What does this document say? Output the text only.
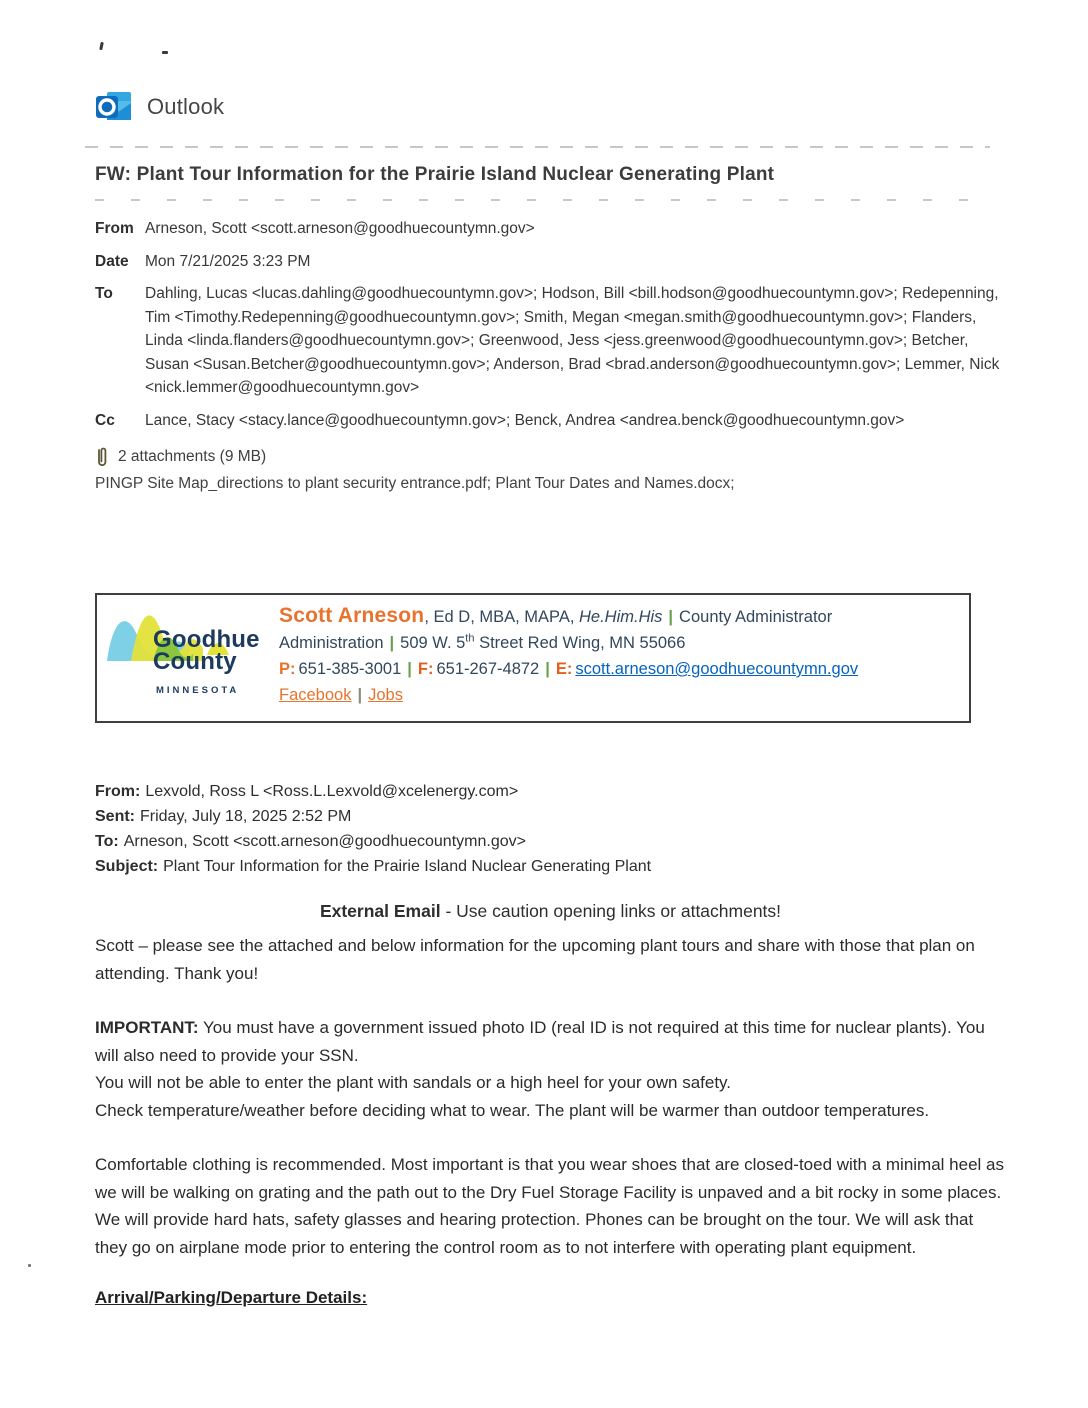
Outlook
FW: Plant Tour Information for the Prairie Island Nuclear Generating Plant
From Arneson, Scott <scott.arneson@goodhuecountymn.gov>
Date	Mon 7/21/2025 3:23 PM
To	Dahling, Lucas <lucas.dahling@goodhuecountymn.gov>; Hodson, Bill <bill.hodson@goodhuecountymn.gov>; Redepenning, Tim <Timothy.Redepenning@goodhuecountymn.gov>; Smith, Megan <megan.smith@goodhuecountymn.gov>; Flanders, Linda <linda.flanders@goodhuecountymn.gov>; Greenwood, Jess <jess.greenwood@goodhuecountymn.gov>; Betcher, Susan <Susan.Betcher@goodhuecountymn.gov>; Anderson, Brad <brad.anderson@goodhuecountymn.gov>; Lemmer, Nick <nick.lemmer@goodhuecountymn.gov>
Cc	Lance, Stacy <stacy.lance@goodhuecountymn.gov>; Benck, Andrea <andrea.benck@goodhuecountymn.gov>
2 attachments (9 MB)
PINGP Site Map_directions to plant security entrance.pdf; Plant Tour Dates and Names.docx;
Goodhue
County
MINNESOTA
Scott Arneson, Ed D, MBA, MAPA, He.Him.His | County Administrator
Administration | 509 W. 5th Street Red Wing, MN 55066
P: 651-385-3001 | F: 651-267-4872 | E: scott.arneson@goodhuecountymn.gov
Facebook | Jobs
From: Lexvold, Ross L <Ross.L.Lexvold@xcelenergy.com>
Sent: Friday, July 18, 2025 2:52 PM
To: Arneson, Scott <scott.arneson@goodhuecountymn.gov>
Subject: Plant Tour Information for the Prairie Island Nuclear Generating Plant
External Email - Use caution opening links or attachments!
Scott – please see the attached and below information for the upcoming plant tours and share with those that plan on attending. Thank you!
IMPORTANT: You must have a government issued photo ID (real ID is not required at this time for nuclear plants). You will also need to provide your SSN.
You will not be able to enter the plant with sandals or a high heel for your own safety.
Check temperature/weather before deciding what to wear. The plant will be warmer than outdoor temperatures.
Comfortable clothing is recommended. Most important is that you wear shoes that are closed-toed with a minimal heel as we will be walking on grating and the path out to the Dry Fuel Storage Facility is unpaved and a bit rocky in some places. We will provide hard hats, safety glasses and hearing protection. Phones can be brought on the tour. We will ask that they go on airplane mode prior to entering the control room as to not interfere with operating plant equipment.
Arrival/Parking/Departure Details:
